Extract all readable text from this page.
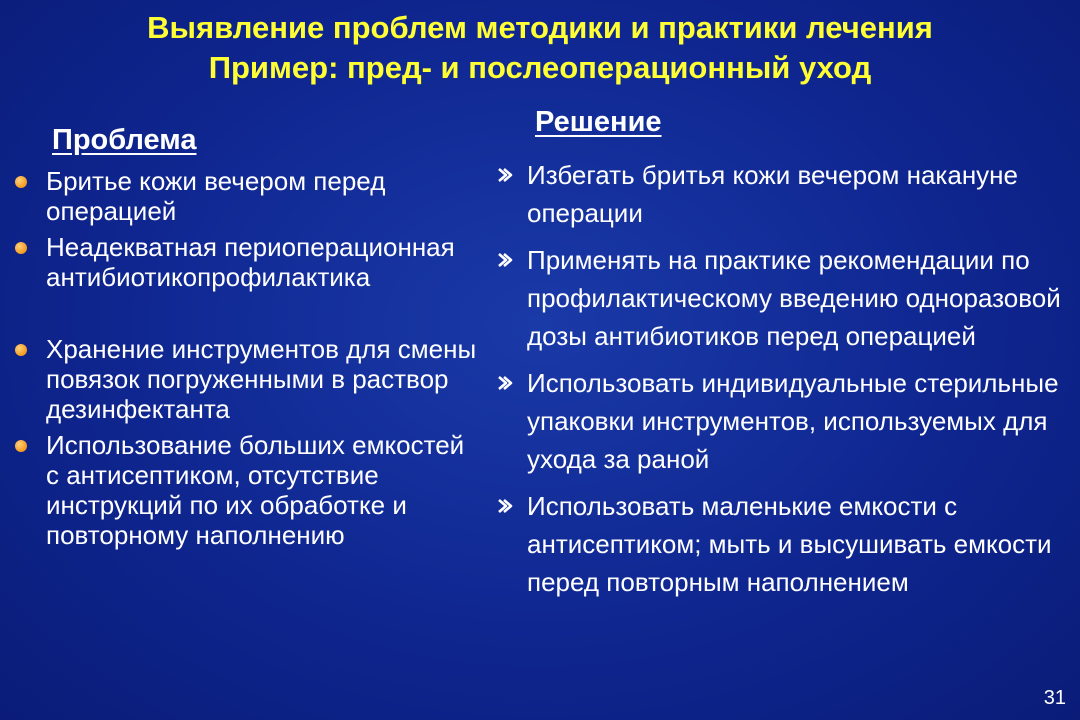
Выявление проблем методики и практики лечения
Пример: пред- и послеоперационный уход
Проблема
Решение
Бритье кожи вечером перед операцией
Неадекватная периоперационная антибиотикопрофилактика
Хранение инструментов для смены повязок погруженными в раствор дезинфектанта
Использование больших емкостей с антисептиком, отсутствие инструкций по их обработке и повторному наполнению
Избегать бритья кожи вечером накануне операции
Применять на практике рекомендации по профилактическому введению одноразовой дозы антибиотиков перед операцией
Использовать индивидуальные стерильные упаковки инструментов, используемых для ухода за раной
Использовать маленькие емкости с антисептиком; мыть и высушивать емкости перед повторным наполнением
31
